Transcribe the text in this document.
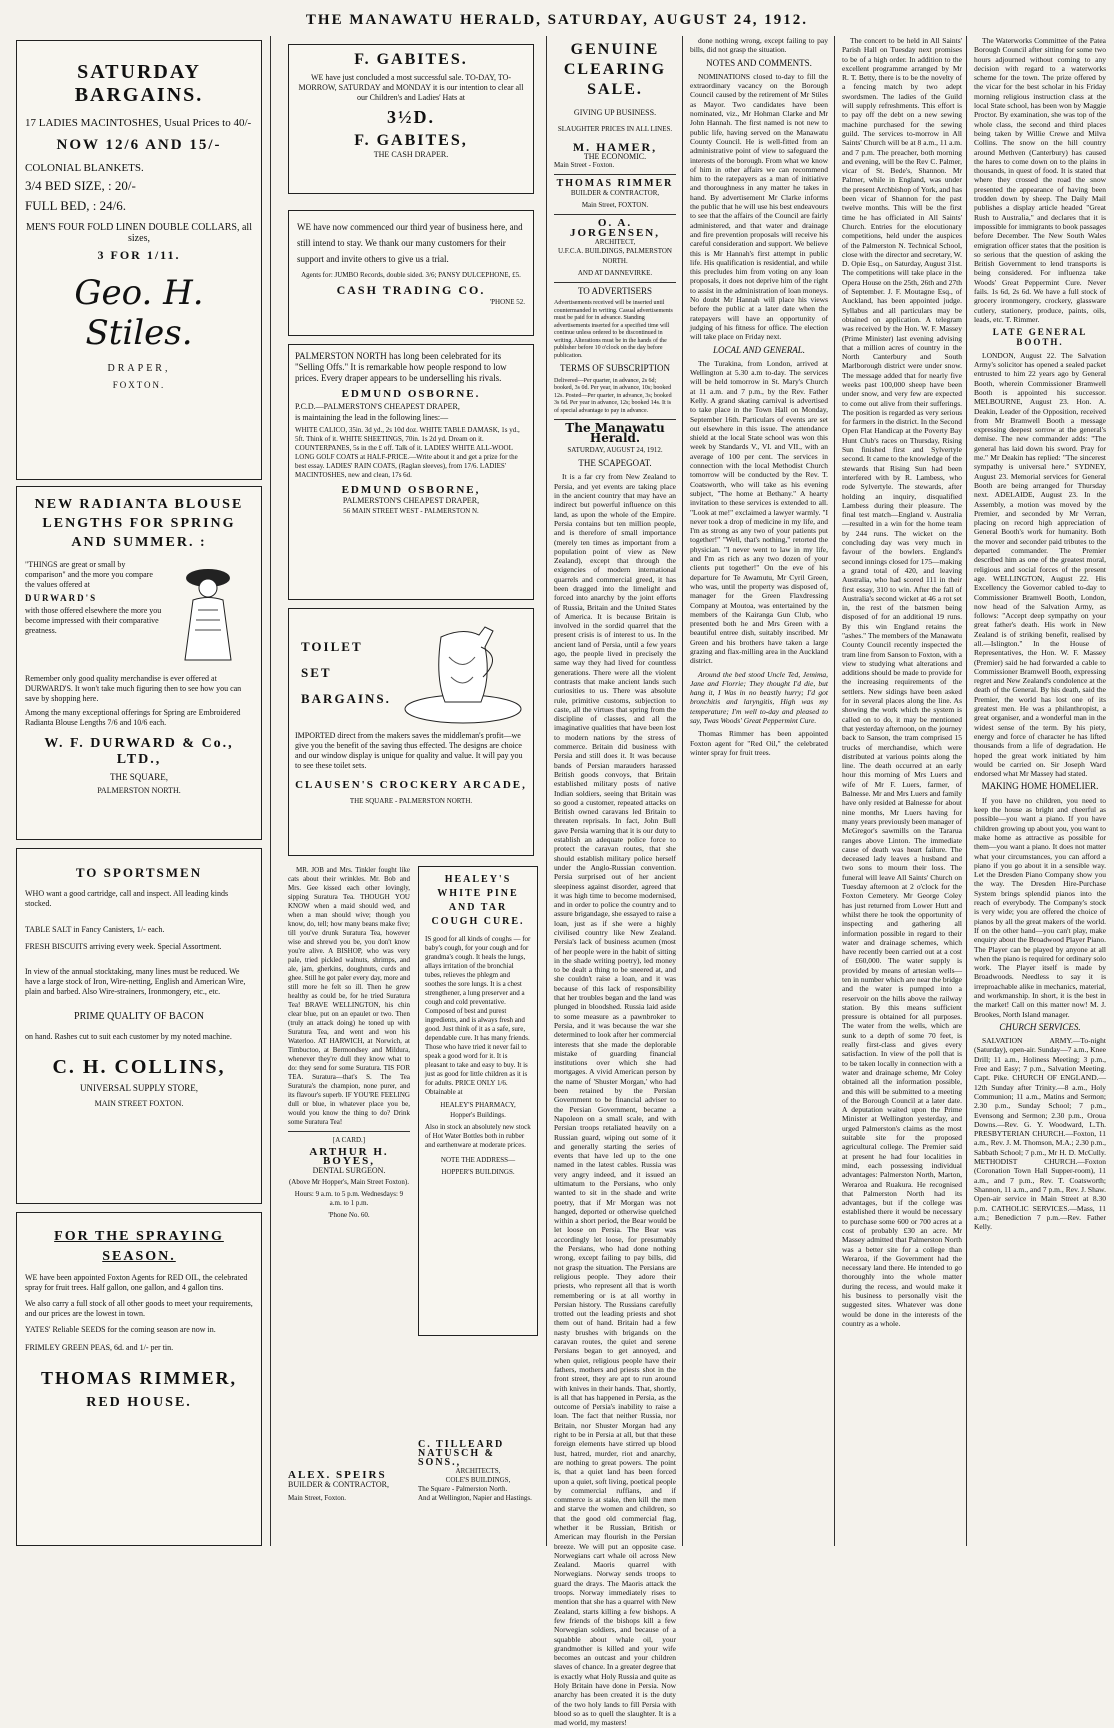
THE MANAWATU HERALD, SATURDAY, AUGUST 24, 1912.
SATURDAY
BARGAINS.
17 LADIES MACINTOSHES, Usual Prices to 40/-
NOW 12/6 AND 15/-
COLONIAL BLANKETS.
3/4 BED SIZE, : 20/-
FULL BED, : 24/6.
MEN'S FOUR FOLD LINEN DOUBLE COLLARS, all sizes,
3 FOR 1/11.
Geo. H. Stiles.
DRAPER,
FOXTON.
NEW RADIANTA BLOUSE LENGTHS FOR SPRING AND SUMMER. :
"THINGS are great or small by comparison" and the more you compare the values offered at
DURWARD'S
with those offered elsewhere the more you become impressed with their comparative greatness.
Remember only good quality merchandise is ever offered at DURWARD'S. It won't take much figuring then to see how you can save by shopping here.
Among the many exceptional offerings for Spring are Embroidered Radianta Blouse Lengths 7/6 and 10/6 each.
W. F. DURWARD & Co., LTD.,
THE SQUARE,
PALMERSTON NORTH.
TO SPORTSMEN
WHO want a good cartridge, call and inspect. All leading kinds stocked.
TABLE SALT in Fancy Canisters, 1/- each.
FRESH BISCUITS arriving every week. Special Assortment.
In view of the annual stocktaking, many lines must be reduced. We have a large stock of Iron, Wire-netting, English and American Wire, plain and barbed. Also Wire-strainers, Ironmongery, etc., etc.
PRIME QUALITY OF BACON
on hand. Rashes cut to suit each customer by my noted machine.
C. H. COLLINS,
UNIVERSAL SUPPLY STORE,
MAIN STREET FOXTON.
FOR THE SPRAYING
SEASON.
WE have been appointed Foxton Agents for RED OIL, the celebrated spray for fruit trees. Half gallon, one gallon, and 4 gallon tins.
We also carry a full stock of all other goods to meet your requirements, and our prices are the lowest in town.
YATES' Reliable SEEDS for the coming season are now in.
FRIMLEY GREEN PEAS, 6d. and 1/- per tin.
THOMAS RIMMER,
RED HOUSE.
F. GABITES.
WE have just concluded a most successful sale. TO-DAY, TO-MORROW, SATURDAY and MONDAY it is our intention to clear all our Children's and Ladies' Hats at
3½D.
F. GABITES,
THE CASH DRAPER.
WE have now commenced our third year of business here, and still intend to stay. We thank our many customers for their support and invite others to give us a trial.
Agents for: JUMBO Records, double sided. 3/6; PANSY DULCEPHONE, £5.
CASH TRADING CO.
'PHONE 52.
PALMERSTON NORTH has long been celebrated for its "Selling Offs." It is remarkable how people respond to low prices. Every draper appears to be underselling his rivals.
EDMUND OSBORNE.
P.C.D.—PALMERSTON'S CHEAPEST DRAPER,
is maintaining the lead in the following lines:—
WHITE CALICO, 35in. 3d yd., 2s 10d doz. WHITE TABLE DAMASK, 1s yd., 5ft. Think of it. WHITE SHEETINGS, 70in. 1s 2d yd. Dream on it. COUNTERPANES, 5s in the £ off. Talk of it. LADIES' WHITE ALL-WOOL LONG GOLF COATS at HALF-PRICE.—Write about it and get a prize for the best essay. LADIES' RAIN COATS, (Raglan sleeves), from 17/6. LADIES' MACINTOSHES, new and clean, 17s 6d.
EDMUND OSBORNE,
PALMERSTON'S CHEAPEST DRAPER,
56 MAIN STREET WEST - PALMERSTON N.
TOILET
SET
BARGAINS.
IMPORTED direct from the makers saves the middleman's profit—we give you the benefit of the saving thus effected. The designs are choice and our window display is unique for quality and value. It will pay you to see these toilet sets.
CLAUSEN'S CROCKERY ARCADE,
THE SQUARE - PALMERSTON NORTH.

MR. JOB and Mrs. Tinkler fought like cats about their wrinkles. Mr. Bob and Mrs. Gee kissed each other lovingly, sipping Suratura Tea. THOUGH YOU KNOW when a maid should wed, and when a man should wive; though you know, do, tell; how many beans make five; till you've drunk Suratura Tea, however wise and shrewd you be, you don't know you're alive. A BISHOP, who was very pale, tried pickled walnuts, shrimps, and ale, jam, gherkins, doughnuts, curds and ghee. Still he got paler every day, more and still more he felt so ill. Then he grew healthy as could be, for he tried Suratura Tea! BRAVE WELLINGTON, his chin clear blue, put on an epaulet or two. Then (truly an attack doing) he toned up with Suratura Tea, and went and won his Waterloo. AT HARWICH, at Norwich, at Timbuctoo, at Bermondsey and Mildura, whenever they're dull they know what to do: they send for some Suratura. TIS FOR TEA. Suratura—that's S. The Tea Suratura's the champion, none purer, and its flavour's superb. IF YOU'RE FEELING dull or blue, in whatever place you be, would you know the thing to do? Drink some Suratura Tea!

[A CARD.]
ARTHUR H. BOYES,
DENTAL SURGEON.
(Above Mr Hopper's, Main Street Foxton).
Hours: 9 a.m. to 5 p.m. Wednesdays: 9 a.m. to 1 p.m.
'Phone No. 60.
ALEX. SPEIRS
BUILDER & CONTRACTOR,
Main Street, Foxton.
HEALEY'S WHITE PINE AND TAR COUGH CURE.
IS good for all kinds of coughs — for baby's cough, for your cough and for grandma's cough. It heals the lungs, allays irritation of the bronchial tubes, relieves the phlegm and soothes the sore lungs. It is a chest strengthener, a lung preserver and a cough and cold preventative. Composed of best and purest ingredients, and is always fresh and good. Just think of it as a safe, sure, dependable cure. It has many friends. Those who have tried it never fail to speak a good word for it. It is pleasant to take and easy to buy. It is just as good for little children as it is for adults. PRICE ONLY 1/6. Obtainable at
HEALEY'S PHARMACY,
Hopper's Buildings.
Also in stock an absolutely new stock of Hot Water Bottles both in rubber and earthenware at moderate prices.
NOTE THE ADDRESS—
HOPPER'S BUILDINGS.
C. TILLEARD NATUSCH & SONS.,
ARCHITECTS,
COLE'S BUILDINGS,
The Square - Palmerston North.
And at Wellington, Napier and Hastings.
GENUINE CLEARING SALE.
GIVING UP BUSINESS.
SLAUGHTER PRICES IN ALL LINES.
M. HAMER,
THE ECONOMIC.
Main Street - Foxton.
THOMAS RIMMER
BUILDER & CONTRACTOR,
Main Street, FOXTON.
O. A. JORGENSEN,
ARCHITECT,
U.F.C.A. BUILDINGS, PALMERSTON NORTH.
AND AT DANNEVIRKE.
TO ADVERTISERS
Advertisements received will be inserted until countermanded in writing. Casual advertisements must be paid for in advance. Standing advertisements inserted for a specified time will continue unless ordered to be discontinued in writing. Alterations must be in the hands of the publisher before 10 o'clock on the day before publication.
TERMS OF SUBSCRIPTION
Delivered—Per quarter, in advance, 2s 6d; booked, 3s 0d. Per year, in advance, 10s; booked 12s. Posted—Per quarter, in advance, 3s; booked 3s 6d. Per year in advance, 12s; booked 14s. It is of special advantage to pay in advance.
The Manawatu Herald.
SATURDAY, AUGUST 24, 1912.
THE SCAPEGOAT.

It is a far cry from New Zealand to Persia, and yet events are taking place in the ancient country that may have an indirect but powerful influence on this land, as upon the whole of the Empire. Persia contains but ten million people, and is therefore of small importance (merely ten times as important from a population point of view as New Zealand), except that through the exigencies of modern international quarrels and commercial greed, it has been dragged into the limelight and forced into anarchy by the joint efforts of Russia, Britain and the United States of America. It is because Britain is involved in the sordid quarrel that the present crisis is of interest to us. In the ancient land of Persia, until a few years ago, the people lived in precisely the same way they had lived for countless generations. There were all the violent contrasts that make ancient lands such curiosities to us. There was absolute rule, primitive customs, subjection to caste, all the virtues that spring from the discipline of classes, and all the imaginative qualities that have been lost to modern nations by the stress of commerce. Britain did business with Persia and still does it. It was because bands of Persian marauders harassed British goods convoys, that Britain established military posts of native Indian soldiers, seeing that Britain was so good a customer, repeated attacks on British owned caravans led Britain to threaten reprisals. In fact, John Bull gave Persia warning that it is our duty to establish an adequate police force to protect the caravan routes, that she should establish military police herself under the Anglo-Russian convention. Persia surprised out of her ancient sleepiness against disorder, agreed that it was high time to become modernised, and in order to police the country and to assure brigandage, she essayed to raise a loan, just as if she were a highly civilised country like New Zealand. Persia's lack of business acumen (most of her people were in the habit of sitting in the shade writing poetry), led money to be dealt a thing to be sneered at, and she couldn't raise a loan, and it was because of this lack of responsibility that her troubles began and the land was plunged in bloodshed. Russia laid aside to some measure as a pawnbroker to Persia, and it was because the war she determined to look after her commercial interests that she made the deplorable mistake of guarding financial institutions over which she had mortgages. A vivid American person by the name of 'Shuster Morgan,' who had been retained by the Persian Government to be financial adviser to the Persian Government, became a Napoleon on a small scale, and with Persian troops retaliated heavily on a Russian guard, wiping out some of it and generally starting the series of events that have led up to the one named in the latest cables. Russia was very angry indeed, and it issued an ultimatum to the Persians, who only wanted to sit in the shade and write poetry, that if Mr Morgan was not hanged, deported or otherwise quelched within a short period, the Bear would be let loose on Persia. The Bear was accordingly let loose, for presumably the Persians, who had done nothing wrong, except failing to pay bills, did not grasp the situation. The Persians are religious people. They adore their priests, who represent all that is worth remembering or is at all worthy in Persian history. The Russians carefully trotted out the leading priests and shot them out of hand. Britain had a few nasty brushes with brigands on the caravan routes, the quiet and serene Persians began to get annoyed, and when quiet, religious people have their fathers, mothers and priests shot in the front street, they are apt to run around with knives in their hands. That, shortly, is all that has happened in Persia, as the outcome of Persia's inability to raise a loan. The fact that neither Russia, nor Britain, nor Shuster Morgan had any right to be in Persia at all, but that these foreign elements have stirred up blood lust, hatred, murder, riot and anarchy, are nothing to great powers. The point is, that a quiet land has been forced upon a quiet, soft living, poetical people by commercial ruffians, and if commerce is at stake, then kill the men and starve the women and children, so that the good old commercial flag, whether it be Russian, British or American may flourish in the Persian breeze. We will put an opposite case. Norwegians cart whale oil across New Zealand. Maoris quarrel with Norwegians. Norway sends troops to guard the drays. The Maoris attack the troops. Norway immediately rises to mention that she has a quarrel with New Zealand, starts killing a few bishops. A few friends of the bishops kill a few Norwegian soldiers, and because of a squabble about whale oil, your grandmother is killed and your wife becomes an outcast and your children slaves of chance. In a greater degree that is exactly what Holy Russia and quite as Holy Britain have done in Persia. Now anarchy has been created it is the duty of the two holy lands to fill Persia with blood so as to quell the slaughter. It is a mad world, my masters!

done nothing wrong, except failing to pay bills, did not grasp the situation.

NOTES AND COMMENTS.

NOMINATIONS closed to-day to fill the extraordinary vacancy on the Borough Council caused by the retirement of Mr Stiles as Mayor. Two candidates have been nominated, viz., Mr Hohman Clarke and Mr John Hannah. The first named is not new to public life, having served on the Manawatu County Council. He is well-fitted from an administrative point of view to safeguard the interests of the borough. From what we know of him in other affairs we can recommend him to the ratepayers as a man of initiative and thoroughness in any matter he takes in hand. By advertisement Mr Clarke informs the public that he will use his best endeavours to see that the affairs of the Council are fairly administered, and that water and drainage and fire prevention proposals will receive his careful consideration and support. We believe this is Mr Hannah's first attempt in public life. His qualification is residential, and while this precludes him from voting on any loan proposals, it does not deprive him of the right to assist in the administration of loan moneys. No doubt Mr Hannah will place his views before the public at a later date when the ratepayers will have an opportunity of judging of his fitness for office. The election will take place on Friday next.

LOCAL AND GENERAL.

The Turakina, from London, arrived at Wellington at 5.30 a.m to-day. The services will be held tomorrow in St. Mary's Church at 11 a.m. and 7 p.m., by the Rev. Father Kelly. A grand skating carnival is advertised to take place in the Town Hall on Monday, September 16th. Particulars of events are set out elsewhere in this issue. The attendance shield at the local State school was won this week by Standards V., VI. and VII., with an average of 100 per cent. The services in connection with the local Methodist Church tomorrow will be conducted by the Rev. T. Coatsworth, who will take as his evening subject, "The home at Bethany." A hearty invitation to these services is extended to all. "Look at me!" exclaimed a lawyer warmly. "I never took a drop of medicine in my life, and I'm as strong as any two of your patients put together!" "Well, that's nothing," retorted the physician. "I never went to law in my life, and I'm as rich as any two dozen of your clients put together!" On the eve of his departure for Te Awamutu, Mr Cyril Green, who was, until the property was disposed of, manager for the Green Flaxdressing Company at Moutoa, was entertained by the members of the Kairanga Gun Club, who presented both he and Mrs Green with a beautiful entree dish, suitably inscribed. Mr Green and his brothers have taken a large grazing and flax-milling area in the Auckland district.

Around the bed stood Uncle Ted, Jemima, Jane and Florrie; They thought I'd die, but hang it, I Was in no beastly hurry; I'd got bronchitis and laryngitis, High was my temperature; I'm well to-day and pleased to say, Twas Woods' Great Peppermint Cure.

Thomas Rimmer has been appointed Foxton agent for "Red Oil," the celebrated winter spray for fruit trees.

The concert to be held in All Saints' Parish Hall on Tuesday next promises to be of a high order. In addition to the excellent programme arranged by Mr R. T. Betty, there is to be the novelty of a fencing match by two adept swordsmen. The ladies of the Guild will supply refreshments. This effort is to pay off the debt on a new sewing machine purchased for the sewing guild. The services to-morrow in All Saints' Church will be at 8 a.m., 11 a.m. and 7 p.m. The preacher, both morning and evening, will be the Rev C. Palmer, vicar of St. Bede's, Shannon. Mr Palmer, while in England, was under the present Archbishop of York, and has been vicar of Shannon for the past twelve months. This will be the first time he has officiated in All Saints' Church. Entries for the elocutionary competitions, held under the auspices of the Palmerston N. Technical School, close with the director and secretary, W. D. Opie Esq., on Saturday, August 31st. The competitions will take place in the Opera House on the 25th, 26th and 27th of September. J. F. Moutagne Esq., of Auckland, has been appointed judge. Syllabus and all particulars may be obtained on application. A telegram was received by the Hon. W. F. Massey (Prime Minister) last evening advising that a million acres of country in the North Canterbury and South Marlborough district were under snow. The message added that for nearly five weeks past 100,000 sheep have been under snow, and very few are expected to come out alive from their sufferings. The position is regarded as very serious for farmers in the district. In the Second Open Flat Handicap at the Poverty Bay Hunt Club's races on Thursday, Rising Sun finished first and Sylvertyle second. It came to the knowledge of the stewards that Rising Sun had been interfered with by R. Lambess, who rode Sylvertyle. The stewards, after holding an inquiry, disqualified Lambess during their pleasure. The final test match—England v. Australia—resulted in a win for the home team by 244 runs. The wicket on the concluding day was very much in favour of the bowlers. England's second innings closed for 175—making a grand total of 420, and leaving Australia, who had scored 111 in their first essay, 310 to win. After the fall of Australia's second wicket at 46 a rot set in, the rest of the batsmen being disposed of for an additional 19 runs. By this win England retains the "ashes." The members of the Manawatu County Council recently inspected the tram line from Sanson to Foxton, with a view to studying what alterations and additions should be made to provide for the increasing requirements of the settlers. New sidings have been asked for in several places along the line. As showing the work which the system is called on to do, it may be mentioned that yesterday afternoon, on the journey back to Sanson, the tram comprised 15 trucks of merchandise, which were distributed at various points along the line. The death occurred at an early hour this morning of Mrs Luers and wife of Mr F. Luers, farmer, of Balnesse. Mr and Mrs Luers and family have only resided at Balnesse for about nine months, Mr Luers having for many years previously been manager of McGregor's sawmills on the Tararua ranges above Linton. The immediate cause of death was heart failure. The deceased lady leaves a husband and two sons to mourn their loss. The funeral will leave All Saints' Church on Tuesday afternoon at 2 o'clock for the Foxton Cemetery. Mr George Coley has just returned from Lower Hutt and whilst there he took the opportunity of inspecting and gathering all information possible in regard to their water and drainage schemes, which have recently been carried out at a cost of £60,000. The water supply is provided by means of artesian wells—ten in number which are near the bridge and the water is pumped into a reservoir on the hills above the railway station. By this means sufficient pressure is obtained for all purposes. The water from the wells, which are sunk to a depth of some 70 feet, is really first-class and gives every satisfaction. In view of the poll that is to be taken locally in connection with a water and drainage scheme, Mr Coley obtained all the information possible, and this will be submitted to a meeting of the Borough Council at a later date. A deputation waited upon the Prime Minister at Wellington yesterday, and urged Palmerston's claims as the most suitable site for the proposed agricultural college. The Premier said at present he had four localities in mind, each possessing individual advantages: Palmerston North, Marton, Weraroa and Ruakura. He recognised that Palmerston North had its advantages, but if the college was established there it would be necessary to purchase some 600 or 700 acres at a cost of probably £30 an acre. Mr Massey admitted that Palmerston North was a better site for a college than Weraroa, if the Government had the necessary land there. He intended to go thoroughly into the whole matter during the recess, and would make it his business to personally visit the suggested sites. Whatever was done would be done in the interests of the country as a whole.

The Waterworks Committee of the Patea Borough Council after sitting for some two hours adjourned without coming to any decision with regard to a waterworks scheme for the town. The prize offered by the vicar for the best scholar in his Friday morning religious instruction class at the local State school, has been won by Maggie Proctor. By examination, she was top of the whole class, the second and third places being taken by Willie Crewe and Milva Collins. The snow on the hill country around Methven (Canterbury) has caused the hares to come down on to the plains in thousands, in quest of food. It is stated that where they crossed the road the snow presented the appearance of having been trodden down by sheep. The Daily Mail publishes a display article headed "Great Rush to Australia," and declares that it is impossible for immigrants to book passages before December. The New South Wales emigration officer states that the position is so serious that the question of asking the British Government to lend transports is being considered. For influenza take Woods' Great Peppermint Cure. Never fails. 1s 6d, 2s 6d. We have a full stock of grocery ironmongery, crockery, glassware cutlery, stationery, produce, paints, oils, leads, etc. T. Rimmer.

LATE GENERAL BOOTH.

LONDON, August 22. The Salvation Army's solicitor has opened a sealed packet entrusted to him 22 years ago by General Booth, wherein Commissioner Bramwell Booth is appointed his successor. MELBOURNE, August 23. Hon. A. Deakin, Leader of the Opposition, received from Mr Bramwell Booth a message expressing deepest sorrow at the general's demise. The new commander adds: "The general has laid down his sword. Pray for me." Mr Deakin has replied: "The sincerest sympathy is universal here." SYDNEY, August 23. Memorial services for General Booth are being arranged for Thursday next. ADELAIDE, August 23. In the Assembly, a motion was moved by the Premier, and seconded by Mr Verran, placing on record high appreciation of General Booth's work for humanity. Both the mover and seconder paid tributes to the departed commander. The Premier described him as one of the greatest moral, religious and social forces of the present age. WELLINGTON, August 22. His Excellency the Governor cabled to-day to Commissioner Bramwell Booth, London, now head of the Salvation Army, as follows: "Accept deep sympathy on your great father's death. His work in New Zealand is of striking benefit, realised by all.—Islington." In the House of Representatives, the Hon. W. F. Massey (Premier) said he had forwarded a cable to Commissioner Bramwell Booth, expressing regret and New Zealand's condolence at the death of the General. By his death, said the Premier, the world has lost one of its greatest men. He was a philanthropist, a great organiser, and a wonderful man in the widest sense of the term. By his piety, energy and force of character he has lifted thousands from a life of degradation. He hoped the great work initiated by him would be carried on. Sir Joseph Ward endorsed what Mr Massey had stated.

MAKING HOME HOMELIER.

If you have no children, you need to keep the house as bright and cheerful as possible—you want a piano. If you have children growing up about you, you want to make home as attractive as possible for them—you want a piano. It does not matter what your circumstances, you can afford a piano if you go about it in a sensible way. Let the Dresden Piano Company show you the way. The Dresden Hire-Purchase System brings splendid pianos into the reach of everybody. The Company's stock is very wide; you are offered the choice of pianos by all the great makers of the world. If on the other hand—you can't play, make enquiry about the Broadwood Player Piano. The Player can be played by anyone at all when the piano is required for ordinary solo work. The Player itself is made by Broadwoods. Needless to say it is irreproachable alike in mechanics, material, and workmanship. In short, it is the best in the market! Call on this matter now! M. J. Brookes, North Island manager.

CHURCH SERVICES.

SALVATION ARMY.—To-night (Saturday), open-air. Sunday—7 a.m., Knee Drill; 11 a.m., Holiness Meeting; 3 p.m., Free and Easy; 7 p.m., Salvation Meeting. Capt. Pike. CHURCH OF ENGLAND.—12th Sunday after Trinity.—8 a.m., Holy Communion; 11 a.m., Matins and Sermon; 2.30 p.m., Sunday School; 7 p.m., Evensong and Sermon; 2.30 p.m., Oroua Downs.—Rev. G. Y. Woodward, L.Th. PRESBYTERIAN CHURCH.—Foxton, 11 a.m., Rev. J. M. Thomson, M.A.; 2.30 p.m., Sabbath School; 7 p.m., Mr H. D. McCully. METHODIST CHURCH.—Foxton (Coronation Town Hall Supper-room), 11 a.m., and 7 p.m., Rev. T. Coatsworth; Shannon, 11 a.m., and 7 p.m., Rev. J. Shaw. Open-air service in Main Street at 8.30 p.m. CATHOLIC SERVICES.—Mass, 11 a.m.; Benediction 7 p.m.—Rev. Father Kelly.
